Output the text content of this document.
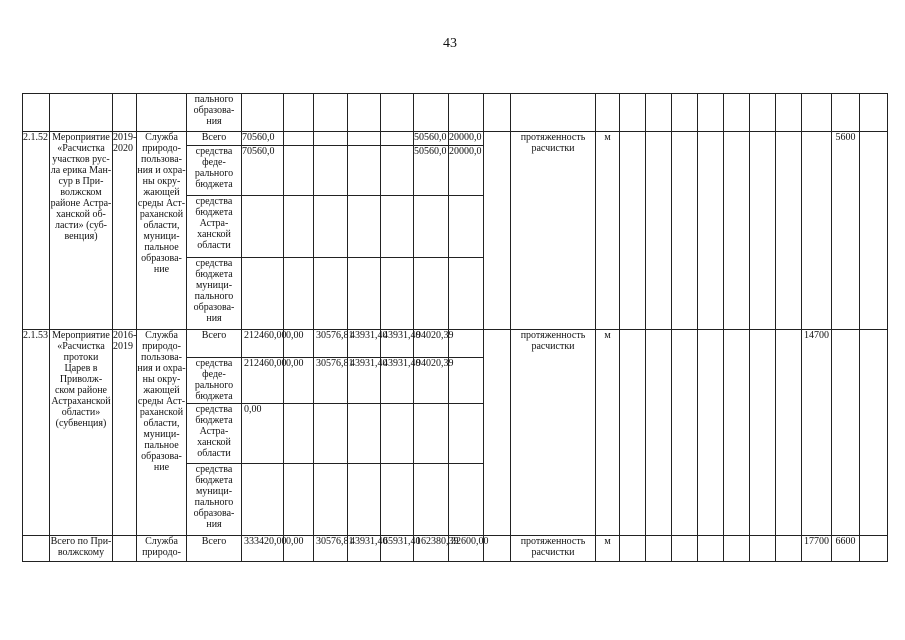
43
				пального образова- ния																				
2.1.52	Мероприятие «Расчистка участков рус- ла ерика Ман- сур в При- волжском районе Астра- ханской об- ласти» (суб- венция)	2019- 2020	Служба природо- пользова- ния и охра- ны окру- жающей среды Аст- раханской области, муници- пальное образова- ние	Всего	70560,0					50560,0	20000,0		протяженность расчистки	м									5600	
				средства феде- рального бюджета	70560,0					50560,0	20000,0													
				средства бюджета Астра- ханской области																				
				средства бюджета муници- пального образова- ния																				
2.1.53	Мероприятие «Расчистка протоки Царев в Приволж- ском районе Астраханской области» (субвенция)	2016- 2019	Служба природо- пользова- ния и охра- ны окру- жающей среды Аст- раханской области, муници- пальное образова- ние	Всего	212460,00	0,00	30576,81	43931,40	43931,40	94020,39			протяженность расчистки	м								14700		
				средства феде- рального бюджета	212460,00	0,00	30576,81	43931,40	43931,40	94020,39														
				средства бюджета Астра- ханской области	0,00																			
				средства бюджета муници- пального образова- ния																				
	Всего по При- волжскому		Служба природо-	Всего	333420,00	0,00	30576,81	43931,40	65931,40	162380,39	32600,00		протяженность расчистки	м								17700	6600	
